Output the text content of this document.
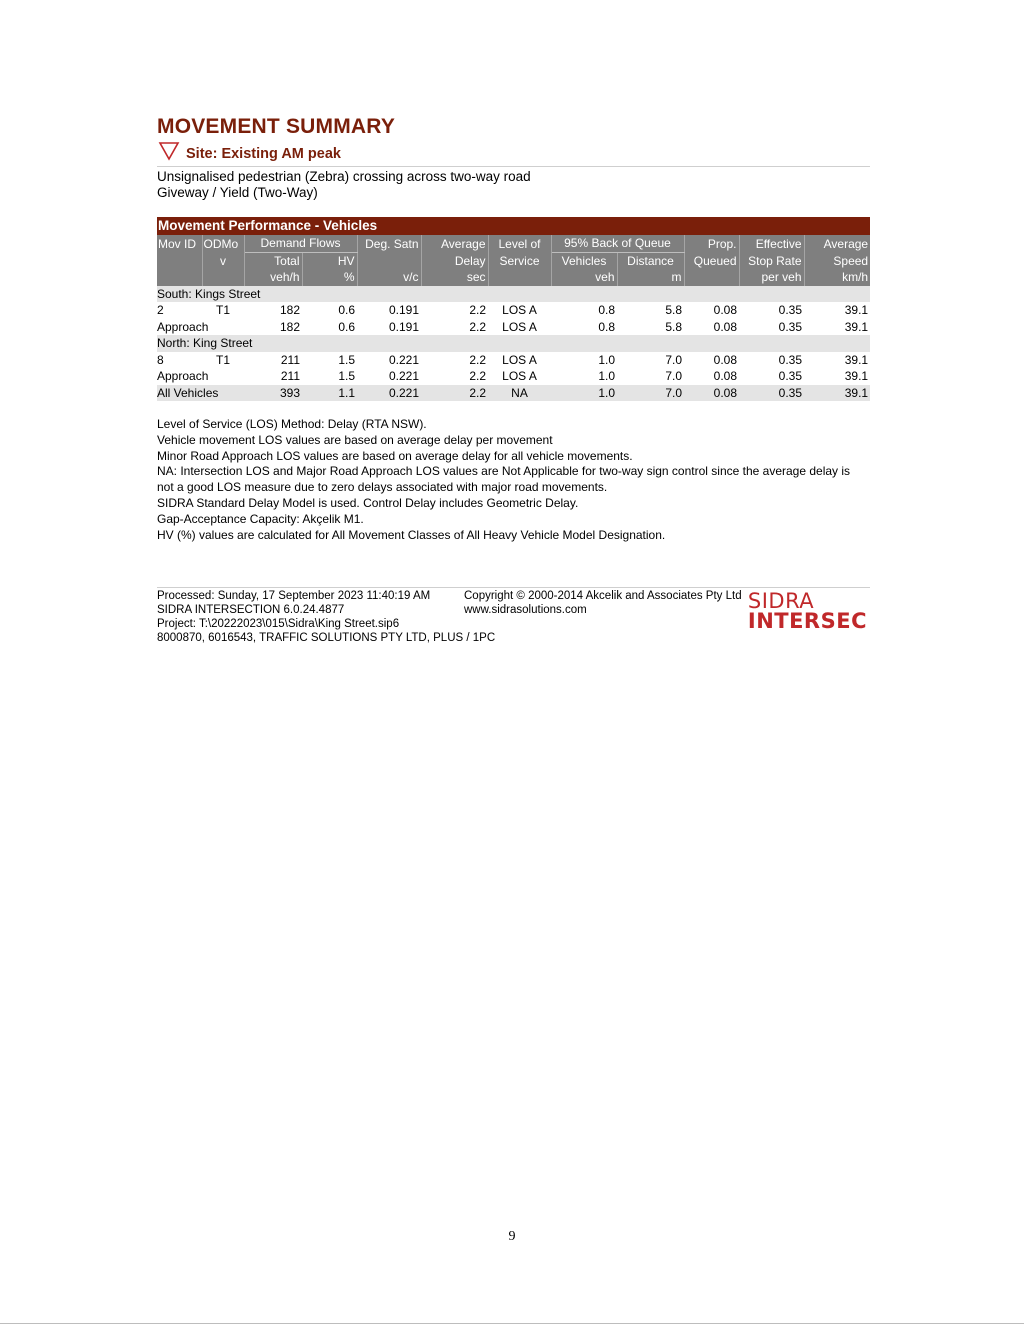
MOVEMENT SUMMARY
Site: Existing AM peak
Unsignalised pedestrian (Zebra) crossing across two-way road
Giveway / Yield (Two-Way)
Movement Performance - Vehicles											
Mov ID	ODMo	Demand Flows		Deg. Satn	Average	Level of	95% Back of Queue		Prop.	Effective	Average
	v	Total	HV		Delay	Service	Vehicles	Distance	Queued	Stop Rate	Speed
		veh/h	%	v/c	sec		veh	m		per veh	km/h
South: Kings Street											
2	T1	182	0.6	0.191	2.2	LOS A	0.8	5.8	0.08	0.35	39.1
Approach		182	0.6	0.191	2.2	LOS A	0.8	5.8	0.08	0.35	39.1
North: King Street											
8	T1	211	1.5	0.221	2.2	LOS A	1.0	7.0	0.08	0.35	39.1
Approach		211	1.5	0.221	2.2	LOS A	1.0	7.0	0.08	0.35	39.1
All Vehicles		393	1.1	0.221	2.2	NA	1.0	7.0	0.08	0.35	39.1
Level of Service (LOS) Method: Delay (RTA NSW).
Vehicle movement LOS values are based on average delay per movement
Minor Road Approach LOS values are based on average delay for all vehicle movements.
NA: Intersection LOS and Major Road Approach LOS values are Not Applicable for two-way sign control since the average delay is not a good LOS measure due to zero delays associated with major road movements.
SIDRA Standard Delay Model is used. Control Delay includes Geometric Delay.
Gap-Acceptance Capacity: Akçelik M1.
HV (%) values are calculated for All Movement Classes of All Heavy Vehicle Model Designation.
Processed: Sunday, 17 September 2023 11:40:19 AM
SIDRA INTERSECTION 6.0.24.4877
Project: T:\20222023\015\Sidra\King Street.sip6
8000870, 6016543, TRAFFIC SOLUTIONS PTY LTD, PLUS / 1PC
Copyright © 2000-2014 Akcelik and Associates Pty Ltd
www.sidrasolutions.com	SIDRA
INTERSEC
9
